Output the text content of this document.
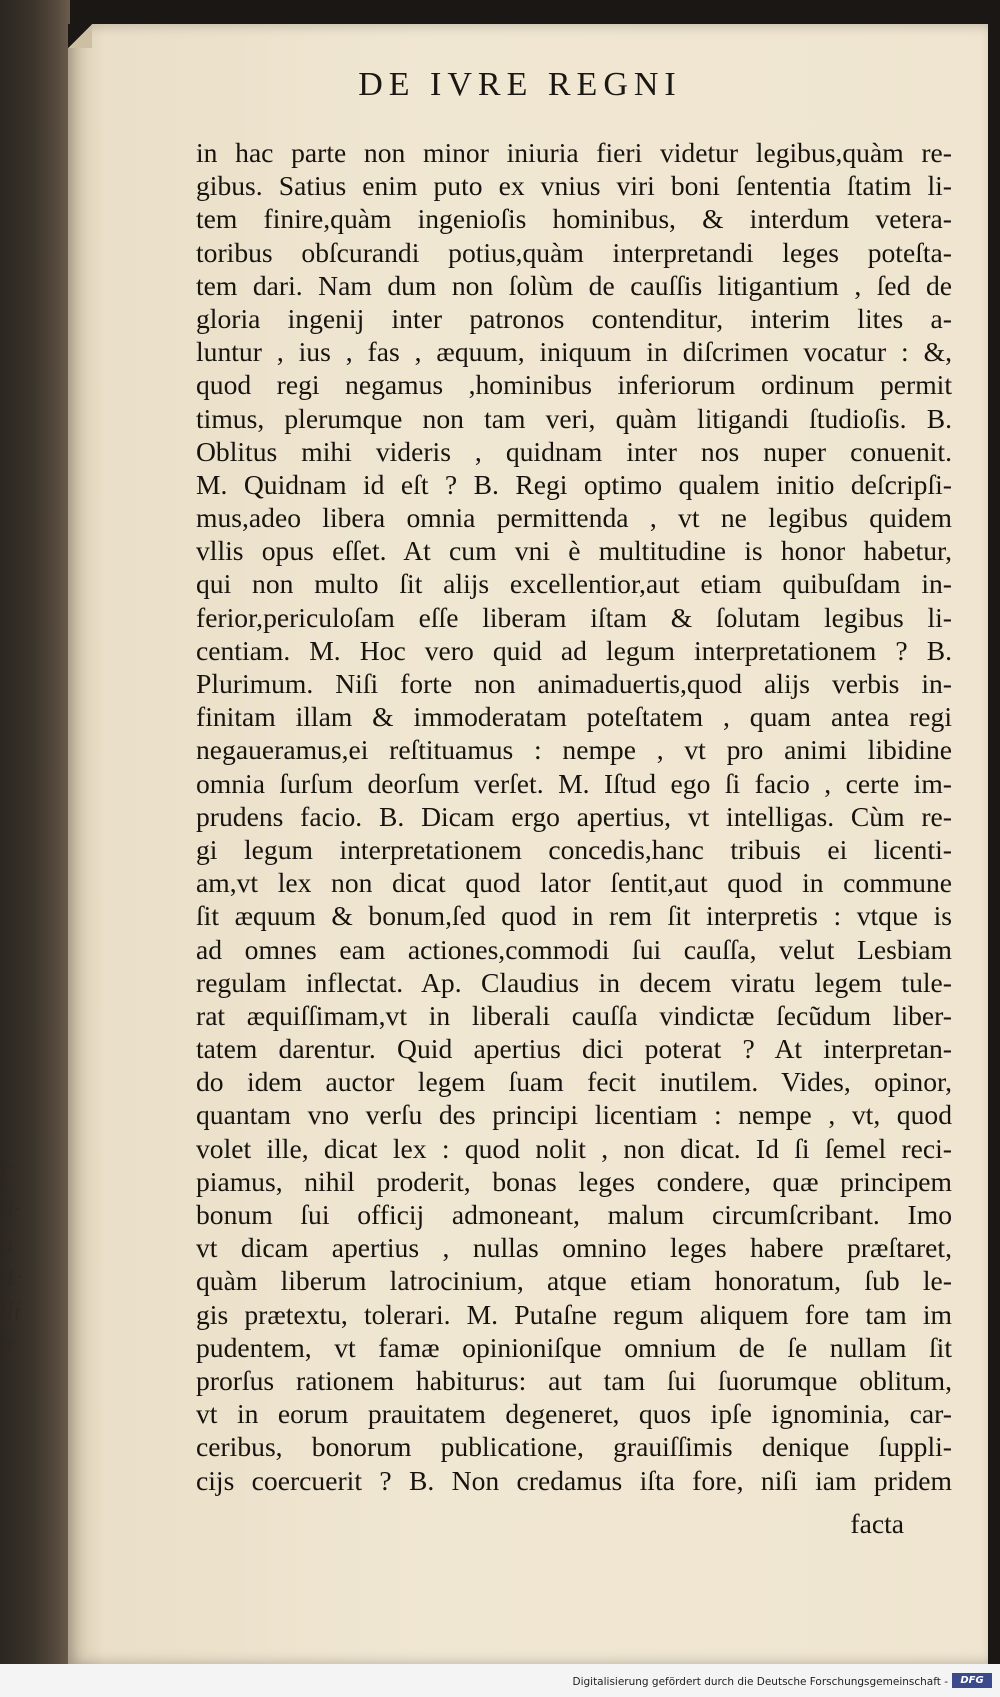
ſ
·i·
a
·t·
lli
e
DE IVRE REGNI
in hac parte non minor iniuria fieri videtur legibus,quàm re-
gibus. Satius enim puto ex vnius viri boni ſententia ſtatim li-
tem finire,quàm ingenioſis hominibus, & interdum vetera-
toribus obſcurandi potius,quàm interpretandi leges poteſta-
tem dari. Nam dum non ſolùm de cauſſis litigantium , ſed de
gloria ingenij inter patronos contenditur, interim lites a-
luntur , ius , fas , æquum, iniquum in diſcrimen vocatur : &,
quod regi negamus ,hominibus inferiorum ordinum permit
timus, plerumque non tam veri, quàm litigandi ſtudioſis. B.
Oblitus mihi videris , quidnam inter nos nuper conuenit.
M. Quidnam id eſt ? B. Regi optimo qualem initio deſcripſi-
mus,adeo libera omnia permittenda , vt ne legibus quidem
vllis opus eſſet. At cum vni è multitudine is honor habetur,
qui non multo ſit alijs excellentior,aut etiam quibuſdam in-
ferior,periculoſam eſſe liberam iſtam & ſolutam legibus li-
centiam. M. Hoc vero quid ad legum interpretationem ? B.
Plurimum. Niſi forte non animaduertis,quod alijs verbis in-
finitam illam & immoderatam poteſtatem , quam antea regi
negaueramus,ei reſtituamus : nempe , vt pro animi libidine
omnia ſurſum deorſum verſet. M. Iſtud ego ſi facio , certe im-
prudens facio. B. Dicam ergo apertius, vt intelligas. Cùm re-
gi legum interpretationem concedis,hanc tribuis ei licenti-
am,vt lex non dicat quod lator ſentit,aut quod in commune
ſit æquum & bonum,ſed quod in rem ſit interpretis : vtque is
ad omnes eam actiones,commodi ſui cauſſa, velut Lesbiam
regulam inflectat. Ap. Claudius in decem viratu legem tule-
rat æquiſſimam,vt in liberali cauſſa vindictæ ſecũdum liber-
tatem darentur. Quid apertius dici poterat ? At interpretan-
do idem auctor legem ſuam fecit inutilem. Vides, opinor,
quantam vno verſu des principi licentiam : nempe , vt, quod
volet ille, dicat lex : quod nolit , non dicat. Id ſi ſemel reci-
piamus, nihil proderit, bonas leges condere, quæ principem
bonum ſui officij admoneant, malum circumſcribant. Imo
vt dicam apertius , nullas omnino leges habere præſtaret,
quàm liberum latrocinium, atque etiam honoratum, ſub le-
gis prætextu, tolerari. M. Putaſne regum aliquem fore tam im
pudentem, vt famæ opinioniſque omnium de ſe nullam ſit
prorſus rationem habiturus: aut tam ſui ſuorumque oblitum,
vt in eorum prauitatem degeneret, quos ipſe ignominia, car-
ceribus, bonorum publicatione, grauiſſimis denique ſuppli-
cijs coercuerit ? B. Non credamus iſta fore, niſi iam pridem
facta
Digitalisierung gefördert durch die Deutsche Forschungsgemeinschaft -	DFG
